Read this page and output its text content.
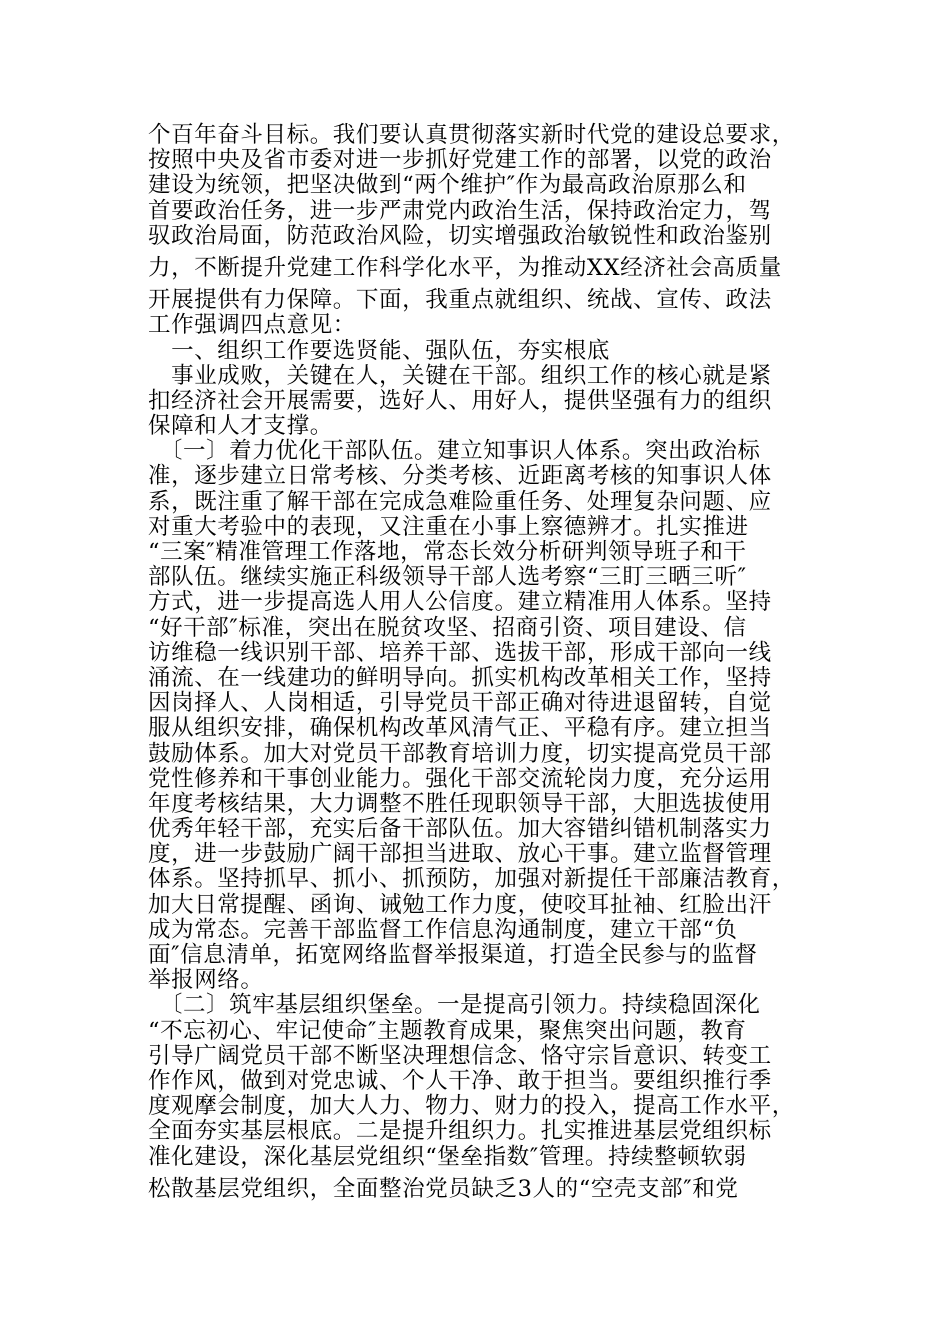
个百年奋斗目标。我们要认真贯彻落实新时代党的建设总要求，
按照中央及省市委对进一步抓好党建工作的部署，以党的政治
建设为统领，把坚决做到“两个维护″作为最高政治原那么和
首要政治任务，进一步严肃党内政治生活，保持政治定力，驾
驭政治局面，防范政治风险，切实增强政治敏锐性和政治鉴别
力，不断提升党建工作科学化水平，为推动XX经济社会高质量
开展提供有力保障。下面，我重点就组织、统战、宣传、政法
工作强调四点意见：
　一、组织工作要选贤能、强队伍，夯实根底
　事业成败，关键在人，关键在干部。组织工作的核心就是紧
扣经济社会开展需要，选好人、用好人，提供坚强有力的组织
保障和人才支撑。
　〔一〕着力优化干部队伍。建立知事识人体系。突出政治标
准，逐步建立日常考核、分类考核、近距离考核的知事识人体
系，既注重了解干部在完成急难险重任务、处理复杂问题、应
对重大考验中的表现，又注重在小事上察德辨才。扎实推进
“三案″精准管理工作落地，常态长效分析研判领导班子和干
部队伍。继续实施正科级领导干部人选考察“三盯三晒三听″
方式，进一步提高选人用人公信度。建立精准用人体系。坚持
“好干部″标准，突出在脱贫攻坚、招商引资、项目建设、信
访维稳一线识别干部、培养干部、选拔干部，形成干部向一线
涌流、在一线建功的鲜明导向。抓实机构改革相关工作，坚持
因岗择人、人岗相适，引导党员干部正确对待进退留转，自觉
服从组织安排，确保机构改革风清气正、平稳有序。建立担当
鼓励体系。加大对党员干部教育培训力度，切实提高党员干部
党性修养和干事创业能力。强化干部交流轮岗力度，充分运用
年度考核结果，大力调整不胜任现职领导干部，大胆选拔使用
优秀年轻干部，充实后备干部队伍。加大容错纠错机制落实力
度，进一步鼓励广阔干部担当进取、放心干事。建立监督管理
体系。坚持抓早、抓小、抓预防，加强对新提任干部廉洁教育，
加大日常提醒、函询、诫勉工作力度，使咬耳扯袖、红脸出汗
成为常态。完善干部监督工作信息沟通制度，建立干部“负
面″信息清单，拓宽网络监督举报渠道，打造全民参与的监督
举报网络。
　〔二〕筑牢基层组织堡垒。一是提高引领力。持续稳固深化
“不忘初心、牢记使命″主题教育成果，聚焦突出问题，教育
引导广阔党员干部不断坚决理想信念、恪守宗旨意识、转变工
作作风，做到对党忠诚、个人干净、敢于担当。要组织推行季
度观摩会制度，加大人力、物力、财力的投入，提高工作水平，
全面夯实基层根底。二是提升组织力。扎实推进基层党组织标
准化建设，深化基层党组织“堡垒指数″管理。持续整顿软弱
松散基层党组织，全面整治党员缺乏3人的“空壳支部″和党
